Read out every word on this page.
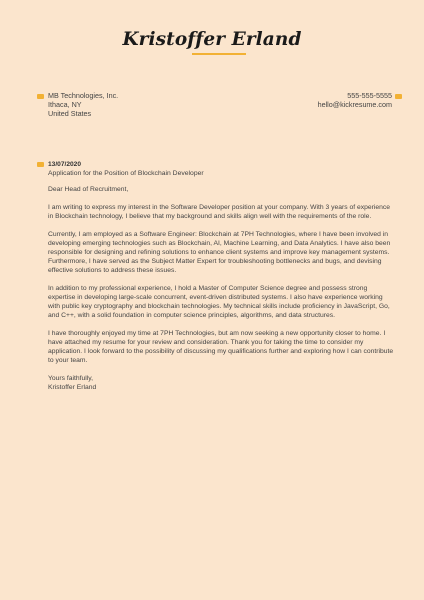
Kristoffer Erland
MB Technologies, Inc.
Ithaca, NY
United States
555-555-5555
hello@kickresume.com
13/07/2020
Application for the Position of Blockchain Developer

Dear Head of Recruitment,

I am writing to express my interest in the Software Developer position at your company. With 3 years of experience in Blockchain technology, I believe that my background and skills align well with the requirements of the role.

Currently, I am employed as a Software Engineer: Blockchain at 7PH Technologies, where I have been involved in developing emerging technologies such as Blockchain, AI, Machine Learning, and Data Analytics. I have also been responsible for designing and refining solutions to enhance client systems and improve key management systems. Furthermore, I have served as the Subject Matter Expert for troubleshooting bottlenecks and bugs, and devising effective solutions to address these issues.

In addition to my professional experience, I hold a Master of Computer Science degree and possess strong expertise in developing large-scale concurrent, event-driven distributed systems. I also have experience working with public key cryptography and blockchain technologies. My technical skills include proficiency in JavaScript, Go, and C++, with a solid foundation in computer science principles, algorithms, and data structures.

I have thoroughly enjoyed my time at 7PH Technologies, but am now seeking a new opportunity closer to home. I have attached my resume for your review and consideration. Thank you for taking the time to consider my application. I look forward to the possibility of discussing my qualifications further and exploring how I can contribute to your team.

Yours faithfully,
Kristoffer Erland
